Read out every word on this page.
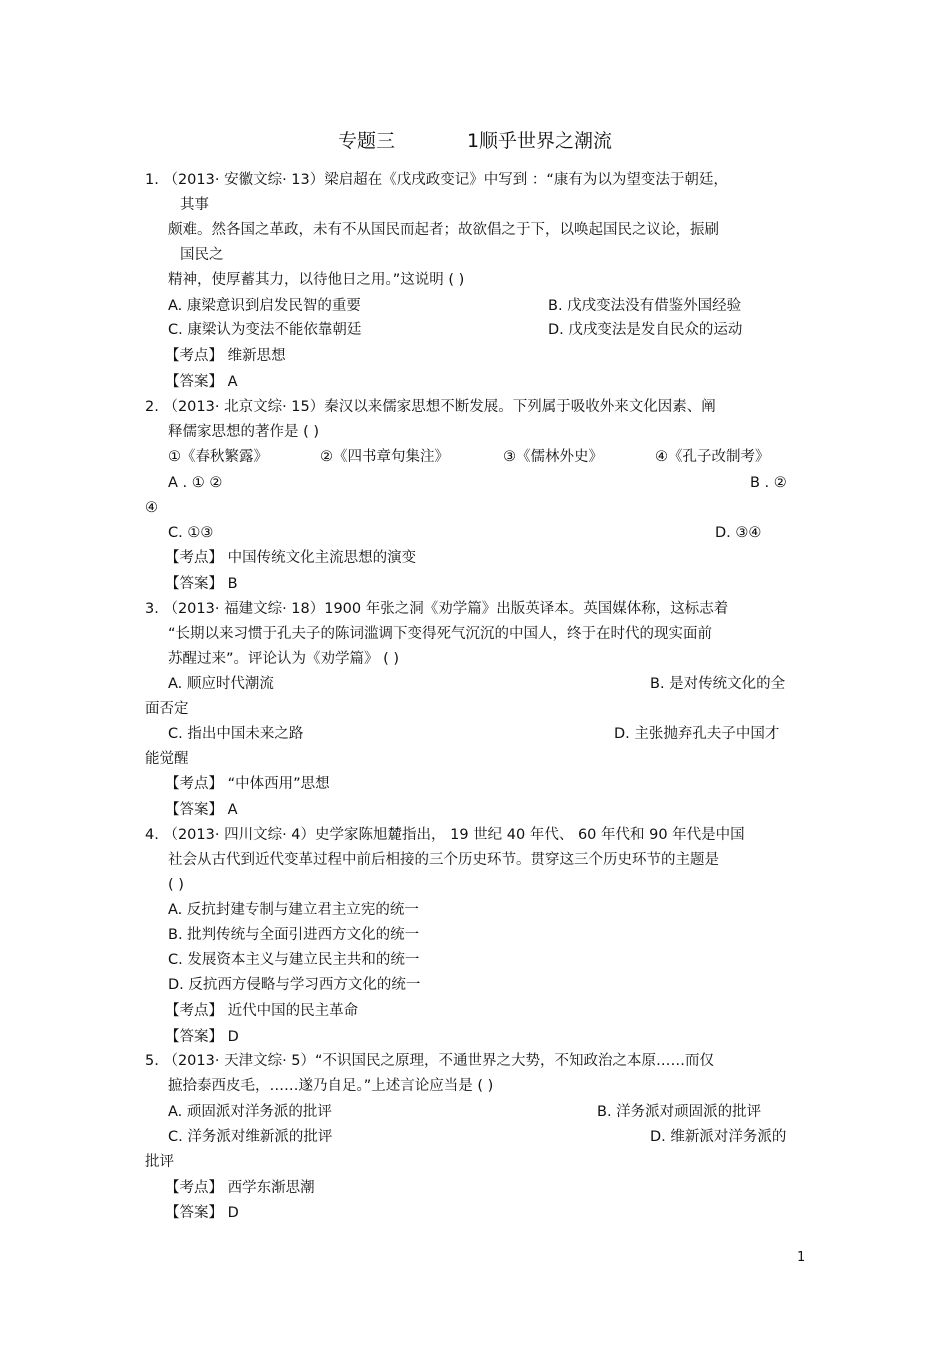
专题三	1顺乎世界之潮流
1. （2013· 安徽文综· 13）梁启超在《戊戌政变记》中写到 ：“康有为以为望变法于朝廷，
其事
颇难。然各国之革政，未有不从国民而起者；故欲倡之于下，以唤起国民之议论，振刷
国民之
精神，使厚蓄其力，以待他日之用。”这说明 ( )
A. 康梁意识到启发民智的重要	B. 戊戌变法没有借鉴外国经验
C. 康梁认为变法不能依靠朝廷	D. 戊戌变法是发自民众的运动
【考点】 维新思想
【答案】 A
2. （2013· 北京文综· 15）秦汉以来儒家思想不断发展。下列属于吸收外来文化因素、阐
释儒家思想的著作是 ( )
①《春秋繁露》	②《四书章句集注》	③《儒林外史》	④《孔子改制考》
A . ① ②	B . ②
④
C. ①③	D. ③④
【考点】 中国传统文化主流思想的演变
【答案】 B
3. （2013· 福建文综· 18）1900 年张之洞《劝学篇》出版英译本。英国媒体称，这标志着
“长期以来习惯于孔夫子的陈词滥调下变得死气沉沉的中国人，终于在时代的现实面前
苏醒过来”。评论认为《劝学篇》 ( )
A. 顺应时代潮流	B. 是对传统文化的全
面否定
C. 指出中国未来之路	D. 主张抛弃孔夫子中国才
能觉醒
【考点】 “中体西用”思想
【答案】 A
4. （2013· 四川文综· 4）史学家陈旭麓指出， 19 世纪 40 年代、 60 年代和 90 年代是中国
社会从古代到近代变革过程中前后相接的三个历史环节。贯穿这三个历史环节的主题是
( )
A. 反抗封建专制与建立君主立宪的统一
B. 批判传统与全面引进西方文化的统一
C. 发展资本主义与建立民主共和的统一
D. 反抗西方侵略与学习西方文化的统一
【考点】 近代中国的民主革命
【答案】 D
5. （2013· 天津文综· 5）“不识国民之原理，不通世界之大势，不知政治之本原……而仅
摭拾泰西皮毛，……遂乃自足。”上述言论应当是 ( )
A. 顽固派对洋务派的批评	B. 洋务派对顽固派的批评
C. 洋务派对维新派的批评	D. 维新派对洋务派的
批评
【考点】 西学东渐思潮
【答案】 D
1
